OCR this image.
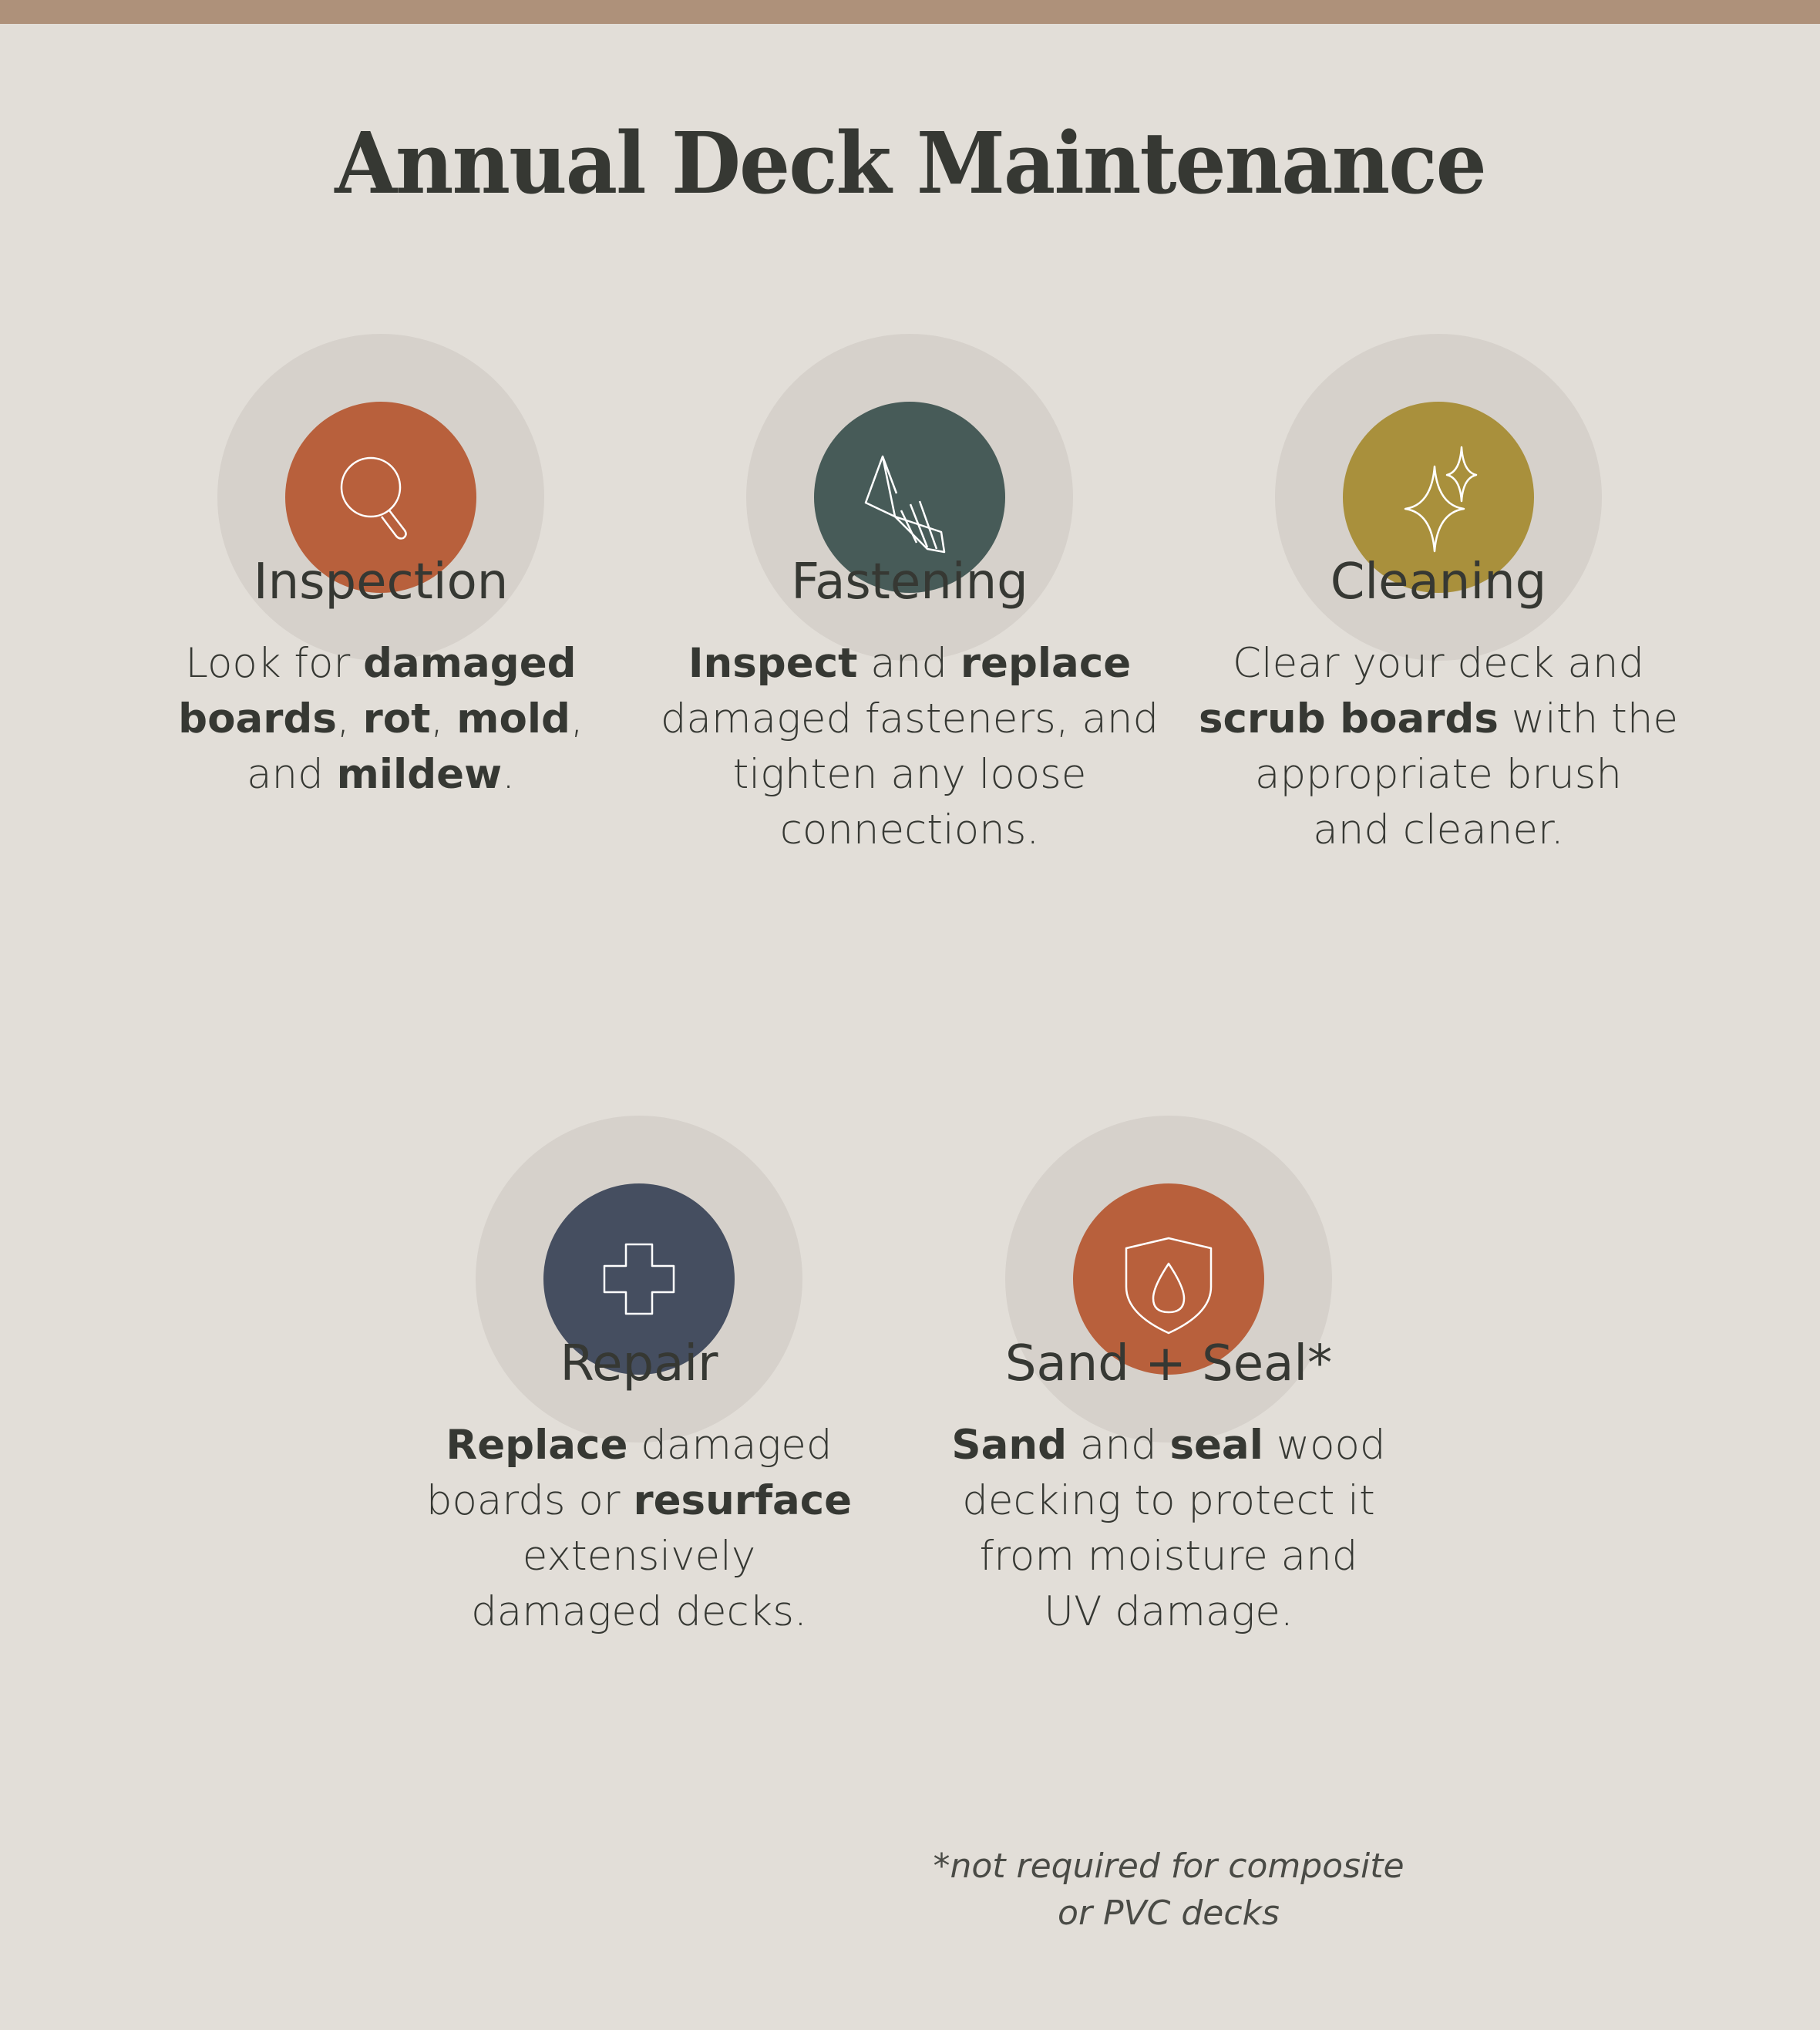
Annual Deck Maintenance
Inspection
Look for damaged
boards, rot, mold,
and mildew.
Fastening
Inspect and replace
damaged fasteners, and
tighten any loose
connections.
Cleaning
Clear your deck and
scrub boards with the
appropriate brush
and cleaner.
Repair
Replace damaged
boards or resurface
extensively
damaged decks.
Sand + Seal*
Sand and seal wood
decking to protect it
from moisture and
UV damage.
*not required for composite
or PVC decks
